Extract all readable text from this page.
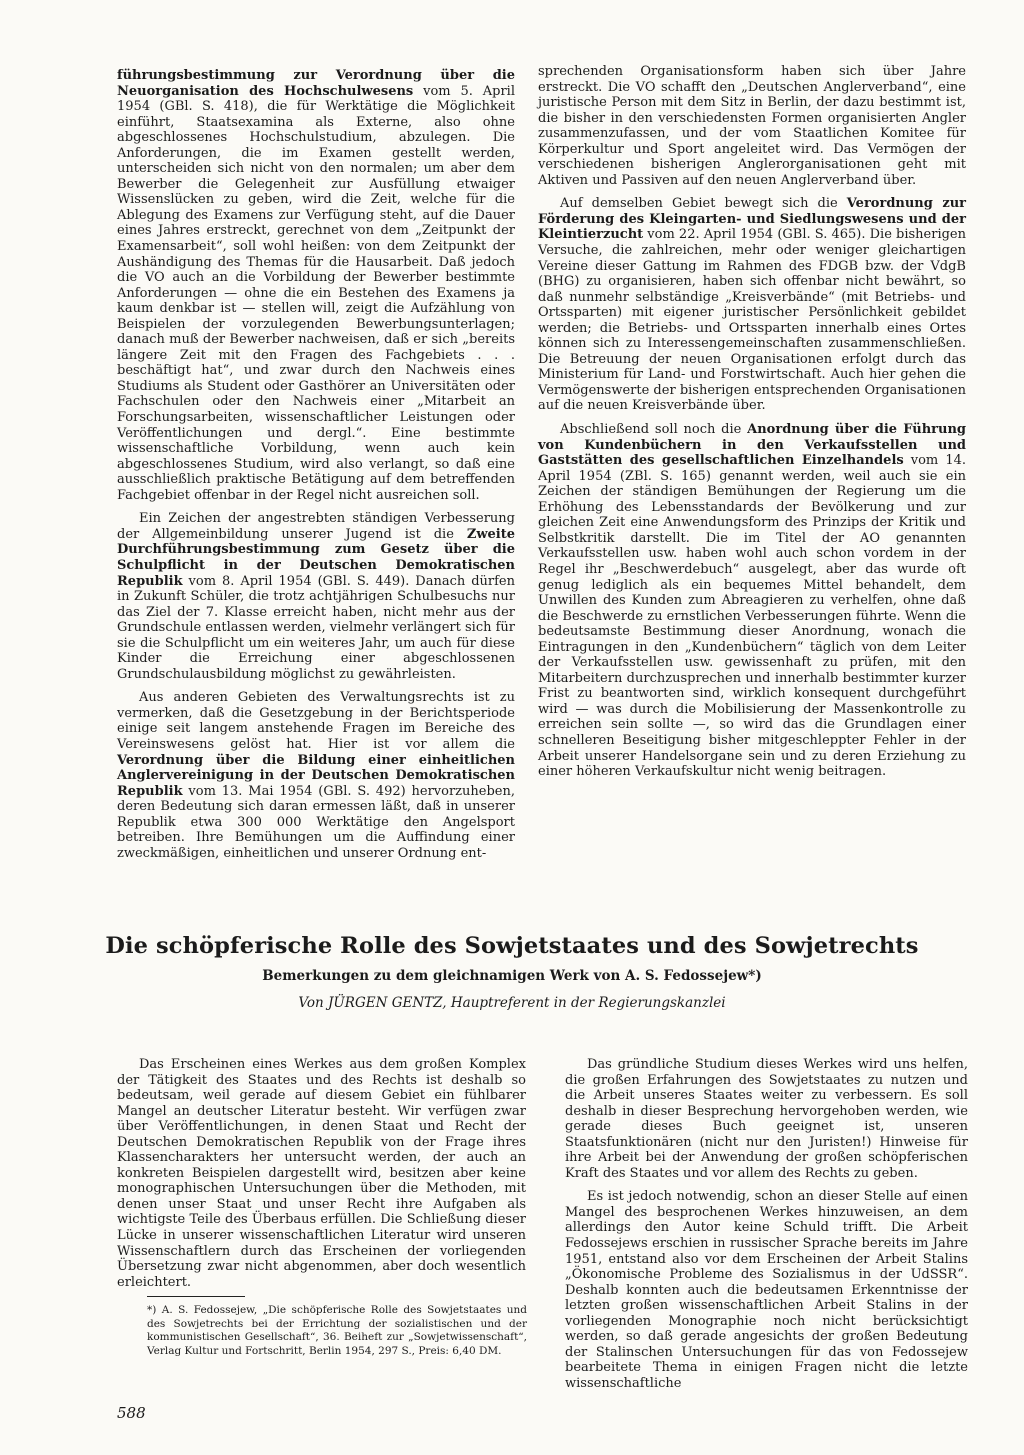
führungsbestimmung zur Verordnung über die Neuorganisation des Hochschulwesens vom 5. April 1954 (GBl. S. 418), die für Werktätige die Möglichkeit einführt, Staatsexamina als Externe, also ohne abgeschlossenes Hochschulstudium, abzulegen. Die Anforderungen, die im Examen gestellt werden, unterscheiden sich nicht von den normalen; um aber dem Bewerber die Gelegenheit zur Ausfüllung etwaiger Wissenslücken zu geben, wird die Zeit, welche für die Ablegung des Examens zur Verfügung steht, auf die Dauer eines Jahres erstreckt, gerechnet von dem „Zeitpunkt der Examensarbeit“, soll wohl heißen: von dem Zeitpunkt der Aushändigung des Themas für die Hausarbeit. Daß jedoch die VO auch an die Vorbildung der Bewerber bestimmte Anforderungen — ohne die ein Bestehen des Examens ja kaum denkbar ist — stellen will, zeigt die Aufzählung von Beispielen der vorzulegenden Bewerbungsunterlagen; danach muß der Bewerber nachweisen, daß er sich „bereits längere Zeit mit den Fragen des Fachgebiets . . . beschäftigt hat“, und zwar durch den Nachweis eines Studiums als Student oder Gasthörer an Universitäten oder Fachschulen oder den Nachweis einer „Mitarbeit an Forschungsarbeiten, wissenschaftlicher Leistungen oder Veröffentlichungen und dergl.“. Eine bestimmte wissenschaftliche Vorbildung, wenn auch kein abgeschlossenes Studium, wird also verlangt, so daß eine ausschließlich praktische Betätigung auf dem betreffenden Fachgebiet offenbar in der Regel nicht ausreichen soll.

Ein Zeichen der angestrebten ständigen Verbesserung der Allgemeinbildung unserer Jugend ist die Zweite Durchführungsbestimmung zum Gesetz über die Schulpflicht in der Deutschen Demokratischen Republik vom 8. April 1954 (GBl. S. 449). Danach dürfen in Zukunft Schüler, die trotz achtjährigen Schulbesuchs nur das Ziel der 7. Klasse erreicht haben, nicht mehr aus der Grundschule entlassen werden, vielmehr verlängert sich für sie die Schulpflicht um ein weiteres Jahr, um auch für diese Kinder die Erreichung einer abgeschlossenen Grundschulausbildung möglichst zu gewährleisten.

Aus anderen Gebieten des Verwaltungsrechts ist zu vermerken, daß die Gesetzgebung in der Berichtsperiode einige seit langem anstehende Fragen im Bereiche des Vereinswesens gelöst hat. Hier ist vor allem die Verordnung über die Bildung einer einheitlichen Anglervereinigung in der Deutschen Demokratischen Republik vom 13. Mai 1954 (GBl. S. 492) hervorzuheben, deren Bedeutung sich daran ermessen läßt, daß in unserer Republik etwa 300 000 Werktätige den Angelsport betreiben. Ihre Bemühungen um die Auffindung einer zweckmäßigen, einheitlichen und unserer Ordnung ent-

sprechenden Organisationsform haben sich über Jahre erstreckt. Die VO schafft den „Deutschen Anglerverband“, eine juristische Person mit dem Sitz in Berlin, der dazu bestimmt ist, die bisher in den verschiedensten Formen organisierten Angler zusammenzufassen, und der vom Staatlichen Komitee für Körperkultur und Sport angeleitet wird. Das Vermögen der verschiedenen bisherigen Anglerorganisationen geht mit Aktiven und Passiven auf den neuen Anglerverband über.

Auf demselben Gebiet bewegt sich die Verordnung zur Förderung des Kleingarten- und Siedlungswesens und der Kleintierzucht vom 22. April 1954 (GBl. S. 465). Die bisherigen Versuche, die zahlreichen, mehr oder weniger gleichartigen Vereine dieser Gattung im Rahmen des FDGB bzw. der VdgB (BHG) zu organisieren, haben sich offenbar nicht bewährt, so daß nunmehr selbständige „Kreisverbände“ (mit Betriebs- und Ortssparten) mit eigener juristischer Persönlichkeit gebildet werden; die Betriebs- und Ortssparten innerhalb eines Ortes können sich zu Interessengemeinschaften zusammenschließen. Die Betreuung der neuen Organisationen erfolgt durch das Ministerium für Land- und Forstwirtschaft. Auch hier gehen die Vermögenswerte der bisherigen entsprechenden Organisationen auf die neuen Kreisverbände über.

Abschließend soll noch die Anordnung über die Führung von Kundenbüchern in den Verkaufsstellen und Gaststätten des gesellschaftlichen Einzelhandels vom 14. April 1954 (ZBl. S. 165) genannt werden, weil auch sie ein Zeichen der ständigen Bemühungen der Regierung um die Erhöhung des Lebensstandards der Bevölkerung und zur gleichen Zeit eine Anwendungsform des Prinzips der Kritik und Selbstkritik darstellt. Die im Titel der AO genannten Verkaufsstellen usw. haben wohl auch schon vordem in der Regel ihr „Beschwerdebuch“ ausgelegt, aber das wurde oft genug lediglich als ein bequemes Mittel behandelt, dem Unwillen des Kunden zum Abreagieren zu verhelfen, ohne daß die Beschwerde zu ernstlichen Verbesserungen führte. Wenn die bedeutsamste Bestimmung dieser Anordnung, wonach die Eintragungen in den „Kundenbüchern“ täglich von dem Leiter der Verkaufsstellen usw. gewissenhaft zu prüfen, mit den Mitarbeitern durchzusprechen und innerhalb bestimmter kurzer Frist zu beantworten sind, wirklich konsequent durchgeführt wird — was durch die Mobilisierung der Massenkontrolle zu erreichen sein sollte —, so wird das die Grundlagen einer schnelleren Beseitigung bisher mitgeschleppter Fehler in der Arbeit unserer Handelsorgane sein und zu deren Erziehung zu einer höheren Verkaufskultur nicht wenig beitragen.

Die schöpferische Rolle des Sowjetstaates und des Sowjetrechts
Bemerkungen zu dem gleichnamigen Werk von A. S. Fedossejew*)
Von JÜRGEN GENTZ, Hauptreferent in der Regierungskanzlei

Das Erscheinen eines Werkes aus dem großen Komplex der Tätigkeit des Staates und des Rechts ist deshalb so bedeutsam, weil gerade auf diesem Gebiet ein fühlbarer Mangel an deutscher Literatur besteht. Wir verfügen zwar über Veröffentlichungen, in denen Staat und Recht der Deutschen Demokratischen Republik von der Frage ihres Klassencharakters her untersucht werden, der auch an konkreten Beispielen dargestellt wird, besitzen aber keine monographischen Untersuchungen über die Methoden, mit denen unser Staat und unser Recht ihre Aufgaben als wichtigste Teile des Überbaus erfüllen. Die Schließung dieser Lücke in unserer wissenschaftlichen Literatur wird unseren Wissenschaftlern durch das Erscheinen der vorliegenden Übersetzung zwar nicht abgenommen, aber doch wesentlich erleichtert.

Das gründliche Studium dieses Werkes wird uns helfen, die großen Erfahrungen des Sowjetstaates zu nutzen und die Arbeit unseres Staates weiter zu verbessern. Es soll deshalb in dieser Besprechung hervorgehoben werden, wie gerade dieses Buch geeignet ist, unseren Staatsfunktionären (nicht nur den Juristen!) Hinweise für ihre Arbeit bei der Anwendung der großen schöpferischen Kraft des Staates und vor allem des Rechts zu geben.

Es ist jedoch notwendig, schon an dieser Stelle auf einen Mangel des besprochenen Werkes hinzuweisen, an dem allerdings den Autor keine Schuld trifft. Die Arbeit Fedossejews erschien in russischer Sprache bereits im Jahre 1951, entstand also vor dem Erscheinen der Arbeit Stalins „Ökonomische Probleme des Sozialismus in der UdSSR“. Deshalb konnten auch die bedeutsamen Erkenntnisse der letzten großen wissenschaftlichen Arbeit Stalins in der vorliegenden Monographie noch nicht berücksichtigt werden, so daß gerade angesichts der großen Bedeutung der Stalinschen Untersuchungen für das von Fedossejew bearbeitete Thema in einigen Fragen nicht die letzte wissenschaftliche

*) A. S. Fedossejew, „Die schöpferische Rolle des Sowjetstaates und des Sowjetrechts bei der Errichtung der sozialistischen und der kommunistischen Gesellschaft“, 36. Beiheft zur „Sowjetwissenschaft“, Verlag Kultur und Fortschritt, Berlin 1954, 297 S., Preis: 6,40 DM.
588
